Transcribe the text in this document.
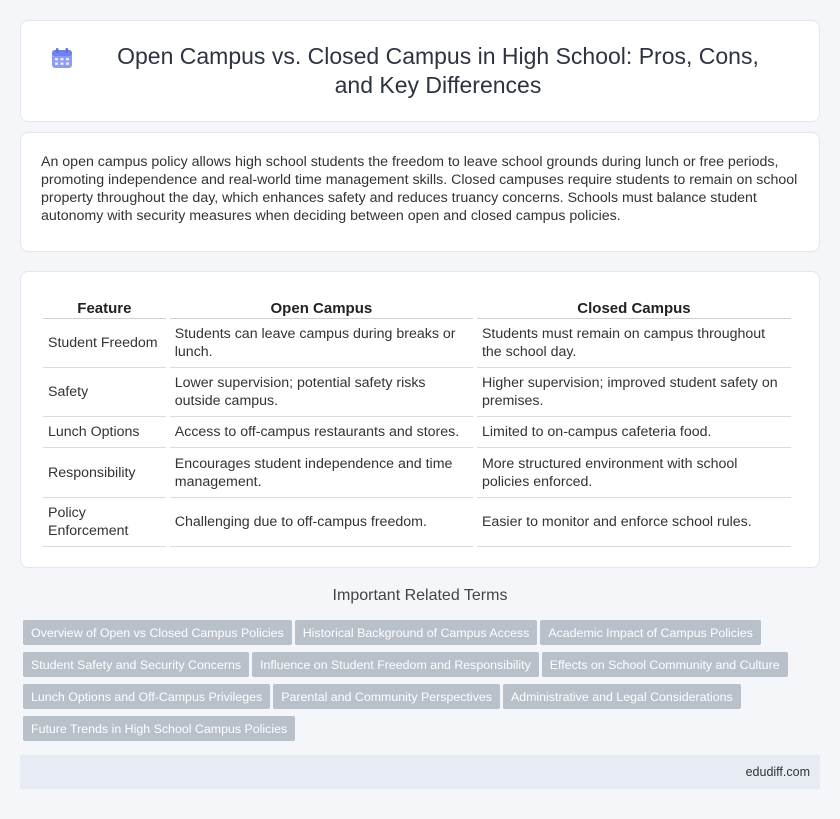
Open Campus vs. Closed Campus in High School: Pros, Cons, and Key Differences

An open campus policy allows high school students the freedom to leave school grounds during lunch or free periods, promoting independence and real-world time management skills. Closed campuses require students to remain on school property throughout the day, which enhances safety and reduces truancy concerns. Schools must balance student autonomy with security measures when deciding between open and closed campus policies.

Feature	Open Campus	Closed Campus
Student Freedom	Students can leave campus during breaks or lunch.	Students must remain on campus throughout the school day.
Safety	Lower supervision; potential safety risks outside campus.	Higher supervision; improved student safety on premises.
Lunch Options	Access to off-campus restaurants and stores.	Limited to on-campus cafeteria food.
Responsibility	Encourages student independence and time management.	More structured environment with school policies enforced.
Policy Enforcement	Challenging due to off-campus freedom.	Easier to monitor and enforce school rules.
Important Related Terms
Overview of Open vs Closed Campus Policies Historical Background of Campus Access Academic Impact of Campus Policies
Student Safety and Security Concerns Influence on Student Freedom and Responsibility Effects on School Community and Culture
Lunch Options and Off-Campus Privileges Parental and Community Perspectives Administrative and Legal Considerations
Future Trends in High School Campus Policies
edudiff.com
